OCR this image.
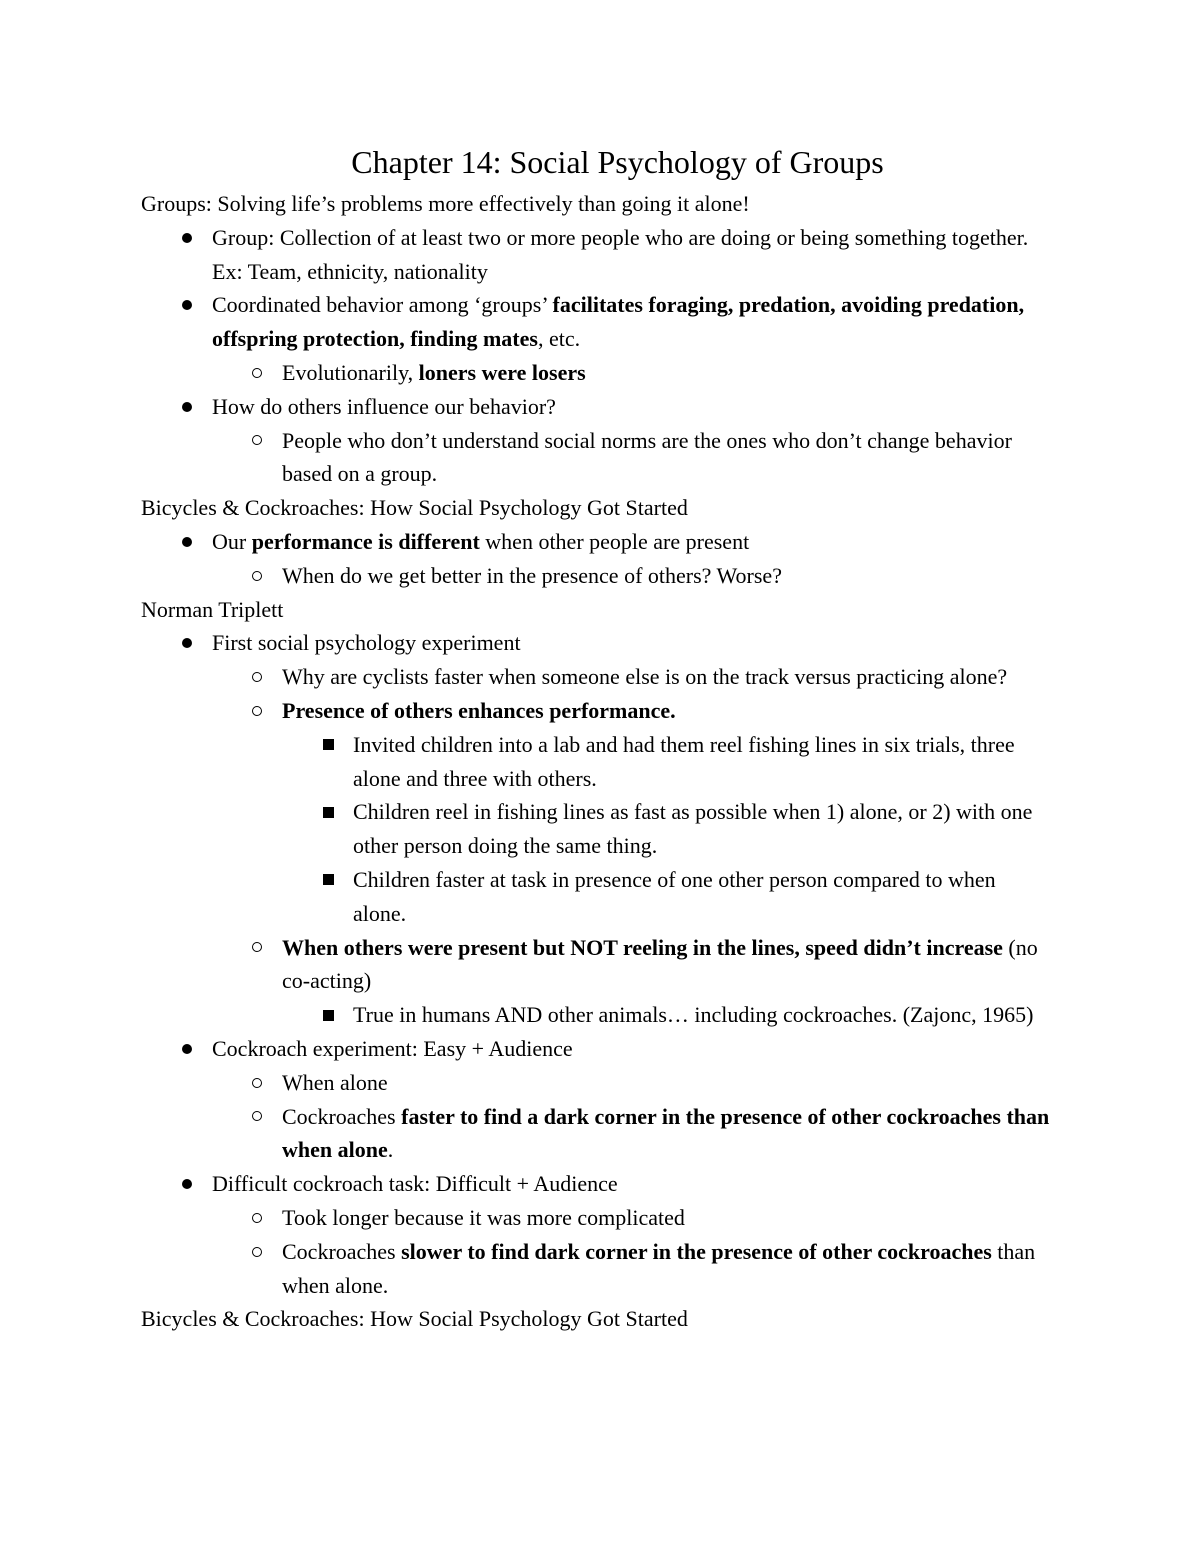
Chapter 14: Social Psychology of Groups

Groups: Solving life’s problems more effectively than going it alone!

Group: Collection of at least two or more people who are doing or being something together. Ex: Team, ethnicity, nationality
Coordinated behavior among ‘groups’ facilitates foraging, predation, avoiding predation, offspring protection, finding mates, etc.
Evolutionarily, loners were losers
How do others influence our behavior?
People who don’t understand social norms are the ones who don’t change behavior based on a group.

Bicycles & Cockroaches: How Social Psychology Got Started

Our performance is different when other people are present
When do we get better in the presence of others? Worse?

Norman Triplett

First social psychology experiment
Why are cyclists faster when someone else is on the track versus practicing alone?
Presence of others enhances performance.
Invited children into a lab and had them reel fishing lines in six trials, three alone and three with others.
Children reel in fishing lines as fast as possible when 1) alone, or 2) with one other person doing the same thing.
Children faster at task in presence of one other person compared to when alone.
When others were present but NOT reeling in the lines, speed didn’t increase (no co-acting)
True in humans AND other animals… including cockroaches. (Zajonc, 1965)
Cockroach experiment: Easy + Audience
When alone
Cockroaches faster to find a dark corner in the presence of other cockroaches than when alone.
Difficult cockroach task: Difficult + Audience
Took longer because it was more complicated
Cockroaches slower to find dark corner in the presence of other cockroaches than when alone.

Bicycles & Cockroaches: How Social Psychology Got Started
